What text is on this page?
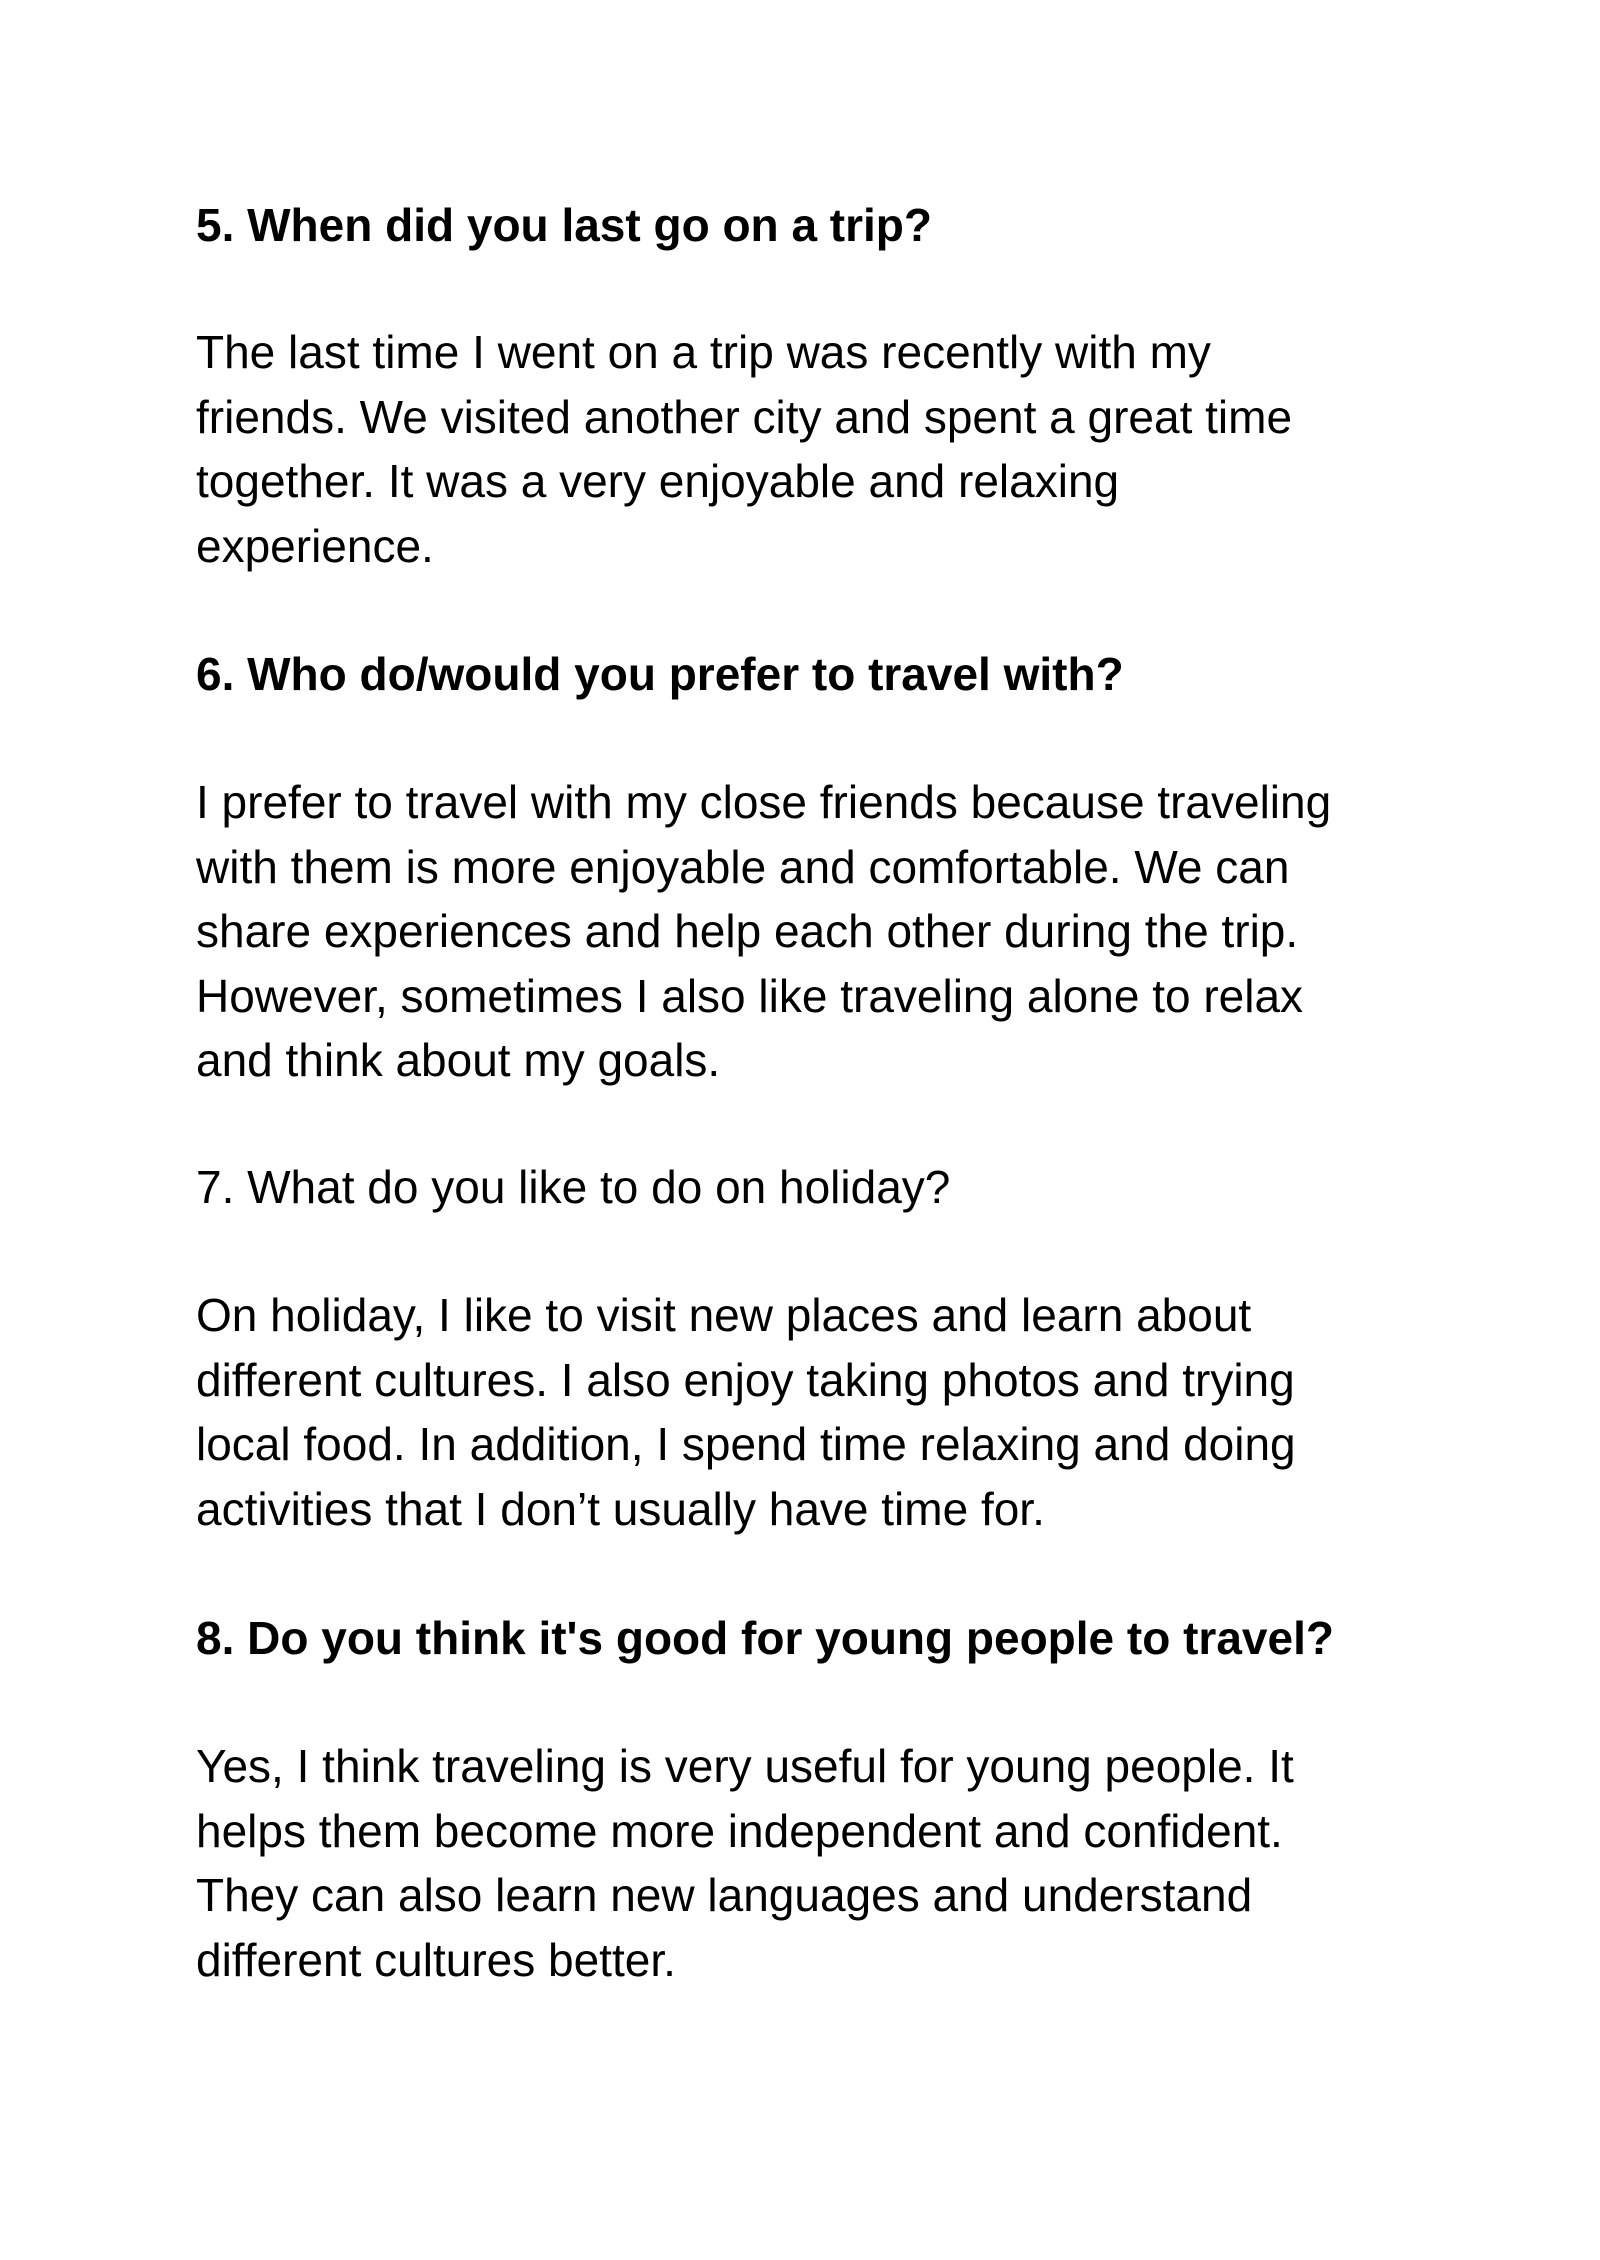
5. When did you last go on a trip?

The last time I went on a trip was recently with my
friends. We visited another city and spent a great time
together. It was a very enjoyable and relaxing
experience.

6. Who do/would you prefer to travel with?

I prefer to travel with my close friends because traveling
with them is more enjoyable and comfortable. We can
share experiences and help each other during the trip.
However, sometimes I also like traveling alone to relax
and think about my goals.

7. What do you like to do on holiday?

On holiday, I like to visit new places and learn about
different cultures. I also enjoy taking photos and trying
local food. In addition, I spend time relaxing and doing
activities that I don’t usually have time for.

8. Do you think it's good for young people to travel?

Yes, I think traveling is very useful for young people. It
helps them become more independent and confident.
They can also learn new languages and understand
different cultures better.
